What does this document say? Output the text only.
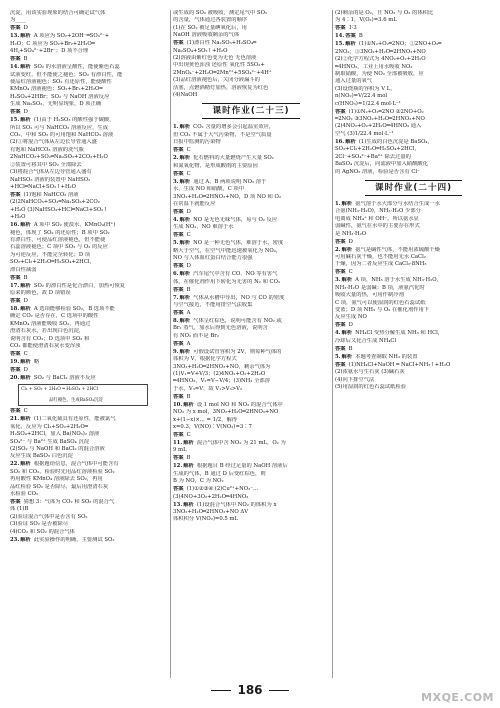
沉淀，用该实验现象的结合可确定试气体
为____
答案 D
13.解析 A 项应为 SO₂+2OH⁻═SO₃²⁻+
H₂O；C 项应为 SO₂+Br₂+2H₂O═
4H⁁+SO₄²⁻+2Br⁻；D 项不合理
答案 B
14.解析 SO₂ 的水溶液呈酸性，能使紫色石蕊
试液变红，但不能使之褪色；SO₂ 有漂白性，能
使品红溶液褪色；SO₂ 有还原性，能使酸性
KMnO₄ 溶液褪色；SO₂+Br₂+2H₂O═
H₂SO₄+2HBr；SO₂ 与 NaOH 溶液反应
生成 Na₂SO₃，无明显现象，D 项正确
答案 D
15.解析 (1)由于 H₂SO₃ 的酸性强于碳酸，
所以 SO₂ 可与 NaHCO₃ 溶液反应，生成
CO₂，中和 SO₂ 的可用饱和 NaHCO₃ 溶液
(2)①将混合气体从左边长导管通入盛
有饱和 NaHCO₃ 溶液的洗气瓶
2NaHCO₃+SO₂═Na₂SO₃+2CO₂+H₂O
②装置可将其中 SO₂ 全部除去
(3)将混合气体从左边导管通入盛有
NaHSO₃ 溶液的装置中 NaHSO₃
+HCl═NaCl+SO₂↑+H₂O
答案 (1)饱和 NaHCO₃ 溶液
(2)2NaHCO₃+SO₂═Na₂SO₃+2CO₂
+H₂O (3)NaHSO₃+HCl═NaCl+SO₂↑
+H₂O
16.解析 A 项中 SO₂ 使溴水、KMnO₄(H⁺)
褪色，体现了 SO₂ 的还原性；B 项中 SO₂
有漂白性，可使品红溶液褪色，但不能使
石蕊溶液褪色；C 项中 SO₂ 与 O₂ 的反应
为可逆反应，不能完全转化；D 项
SO₂+Cl₂+2H₂O═H₂SO₄+2HCl，
漂白性减弱
答案 B
17.解析 SO₂ 的漂白性是化合漂白，加热可恢复
原来的颜色，故 D 项错误
答案 D
18.解析 A 选项能够检验 SO₂，B 选项不能
确定 CO₂ 是否存在，C 选项中的酸性
KMnO₄ 溶液能吸收 SO₂，再通过
澄清石灰水，若出现白色沉淀，
说明含有 CO₂；D 选项中 SO₂ 和
CO₂ 都能使澄清石灰水变浑浊
答案 C
19.解析 略
答案 D
20.解析 SO₂ 与 BaCl₂ 溶液不反应
Cl₂ + SO₂ + 2H₂O ═ H₂SO₄ + 2HCl
品红褪色，生成BaSO₄沉淀
答案 C
21.解析 (1)二氧化硫具有还原性，能被氯气
氧化，反应为 Cl₂+SO₂+2H₂O═
H₂SO₄+2HCl，加入 Ba(NO₃)₂ 溶液
SO₄²⁻ 与 Ba²⁺ 生成 BaSO₄ 沉淀
(2)SO₂ 与 NaOH 和 BaCl₂ 的混合溶液
反应生成 BaSO₃ 白色沉淀
22.解析 根据题给信息，混合气体中可能含有
SO₂ 和 CO₂，检验时先用品红溶液检验 SO₂
再用酸性 KMnO₄ 溶液除去 SO₂，再用
品红检验 SO₂ 是否除尽，最后用澄清石灰
水检验 CO₂
答案 猜想 3：气体为 CO₂ 和 SO₂ 的混合气
体 (1)B
(2)验证混合气体中是否含有 SO₂
(3)验证 SO₂ 是否被除尽
(4)CO₂ 和 SO₂ 的混合气体
23.解析 此实验操作的明确，主要测试 SO₂
或生成的 SO₂ 被吸收，测定尾气中 SO₂
的含量，气体通过各装置的顺序
(1)在 SO₂ 被足量碘氧化后，用
NaOH 溶液吸收剩余的气体
答案 (1)漂白性 Na₂SO₃+H₂SO₄═
Na₂SO₄+SO₂↑+H₂O
(2)溶液由紫红色变为无色 无色溶液
中出现黄色浑浊 还原性 氧化性 5SO₂+
2MnO₄⁻+2H₂O═2Mn²⁺+5SO₄²⁻+4H⁺
(3)品红溶液褪色后，关闭分液漏斗的
活塞，点燃酒精灯加热，溶液恢复为红色
(4)NaOH
课时作业(二十三)
1.解析 CO₂ 含量的增多会引起温室效应，
但 CO₂ 不属于大气污染物，不是空气质量
日报中监测的污染物
答案 C
2.解析 化石燃料的大量燃烧产生大量 SO₂
和氮氧化物，是形成酸雨的主要原因
答案 C
3.解析 通过 A、B 两项说明 NO₂ 溶于
水，生成 NO 和硝酸，C 项中
3NO₂+H₂O═2HNO₃+NO，D 项 NO 和 O₂
在常温下就能反应
答案 D
4.解析 NO 是无色无味气体，易与 O₂ 反应
生成 NO₂，NO 难溶于水
答案 C
5.解析 NO 是一种无色气体，难溶于水，密度
略大于空气，在空气中能迅速被氧化为 NO₂，
NO 与人体血红蛋白结合能力很强
答案 D
6.解析 汽车尾气中含有 CO、NO 等有害气
体，在催化剂作用下转化为无害的 N₂ 和 CO₂
答案 B
7.解析 气体从水槽中导出，NO 与 CO 的密度
与空气接近，不能用排空气法收集
答案 A
8.解析 气体呈红棕色，说明可能含有 NO₂ 或
Br₂ 蒸气，加水后得到无色溶液，说明含
有 NO₂ 而不是 Br₂
答案 A
9.解析 可假设试管容积为 2V，则每种气体的
体积为 V，根据化学方程式
3NO₂+H₂O═2HNO₃+NO，剩余气体为
(1)V₁=V+V/3；(2)4NO₂+O₂+2H₂O
═4HNO₃，V₂=V−V/4；(3)NH₃ 全部溶
于水，V₃=V，故 V₁>V₃>V₂
答案 B
10.解析 设 1 mol NO 和 NO₂ 的混合气体中
NO₂ 为 x mol，3NO₂+H₂O═2HNO₃+NO
x+(1−x)×... = 1/2，解得
x=0.3，V(NO)∶V(NO₂)=3∶7
答案 C
11.解析 混合气体中含 NO₂ 为 21 mL，O₂ 为
9 mL
答案 B
12.解析 根据题目 B 经过足量的 NaOH 溶液后
生成的气体，B 通过 D 后变红棕色，则
B 为 NO，C 为 NO₂
答案 (1)①②③④ (2)Cu²⁺+NO₃⁻…
(3)4NO+3O₂+2H₂O═4HNO₃
13.解析 (1)设混合气体中 NO₂ 的体积为 x
3NO₂+H₂O═2HNO₃+NO ΔV
体积积分 V(NO₂)=0.5 mL
(2)剩余的是 O₂，且 NO₂ 与 O₂ 的体积比
为 4∶1，V(O₂)=3.6 mL
答案 1∶3
14.答案 B
15.解析 (1)①N₂+O₂═2NO；②2NO+O₂═
2NO₂；③3NO₂+H₂O═2HNO₃+NO
(2)②化学方程式为 4NO₂+O₂+2H₂O
═4HNO₃，工业上用水吸收 NO₂
制取硝酸，为使 NO₂ 全部被吸收，应
通入过量的氧气
(3)设烧瓶的容积为 V L，
n(NO₂)=V/22.4 mol
c(HNO₃)=1/22.4 mol·L⁻¹
答案 (1)①N₂+O₂═2NO ②2NO+O₂
═2NO₂ ③3NO₂+H₂O═2HNO₃+NO
(2)4NO₂+O₂+2H₂O═4HNO₃ 通入
空气 (3)1/22.4 mol·L⁻¹
16.解析 (1)生成的白色沉淀是 BaSO₄，
SO₂+Cl₂+2H₂O═H₂SO₄+2HCl，
2Cl⁻+SO₄²⁻+Ba²⁺ 除去过量的
BaSO₄ 沉淀后，向滤液中加入硝酸酸化
的 AgNO₃ 溶液，检验是否含有 Cl⁻
课时作业(二十四)
1.解析 氨气溶于水大部分与水结合生成一水
合氨(NH₃·H₂O)，NH₃·H₂O 少部分
电离成 NH₄⁺ 和 OH⁻，所以氨水显
弱碱性，氨气在水中的主要存在形式
是 NH₃·H₂O
答案 D
2.解析 氨气是碱性气体，不能用浓硫酸干燥
可用碱石灰干燥，也不能用无水 CaCl₂
干燥，因为二者反应生成 CaCl₂·8NH₃
答案 C
3.解析 A 项，NH₃ 溶于水生成 NH₃·H₂O，
NH₃·H₂O 是弱碱；B 项，液氨汽化时
吸收大量的热，可用作制冷剂
C 项，氨气可以使湿润的红色石蕊试纸
变蓝；D 项 NH₃ 与 O₂ 在催化剂作用下
反应生成 NO
答案 D
4.解析 NH₄Cl 受热分解生成 NH₃ 和 HCl，
冷却后又化合生成 NH₄Cl
答案 B
5.解析 本题考查制取 NH₃ 的装置
答案 (1)NH₄Cl+NaOH ═ NaCl+NH₃↑+H₂O
(2)浓氨水与生石灰 (3)碱石灰
(4)向下排空气法
(5)用湿润的红色石蕊试纸检验
186
MXQE.COM
